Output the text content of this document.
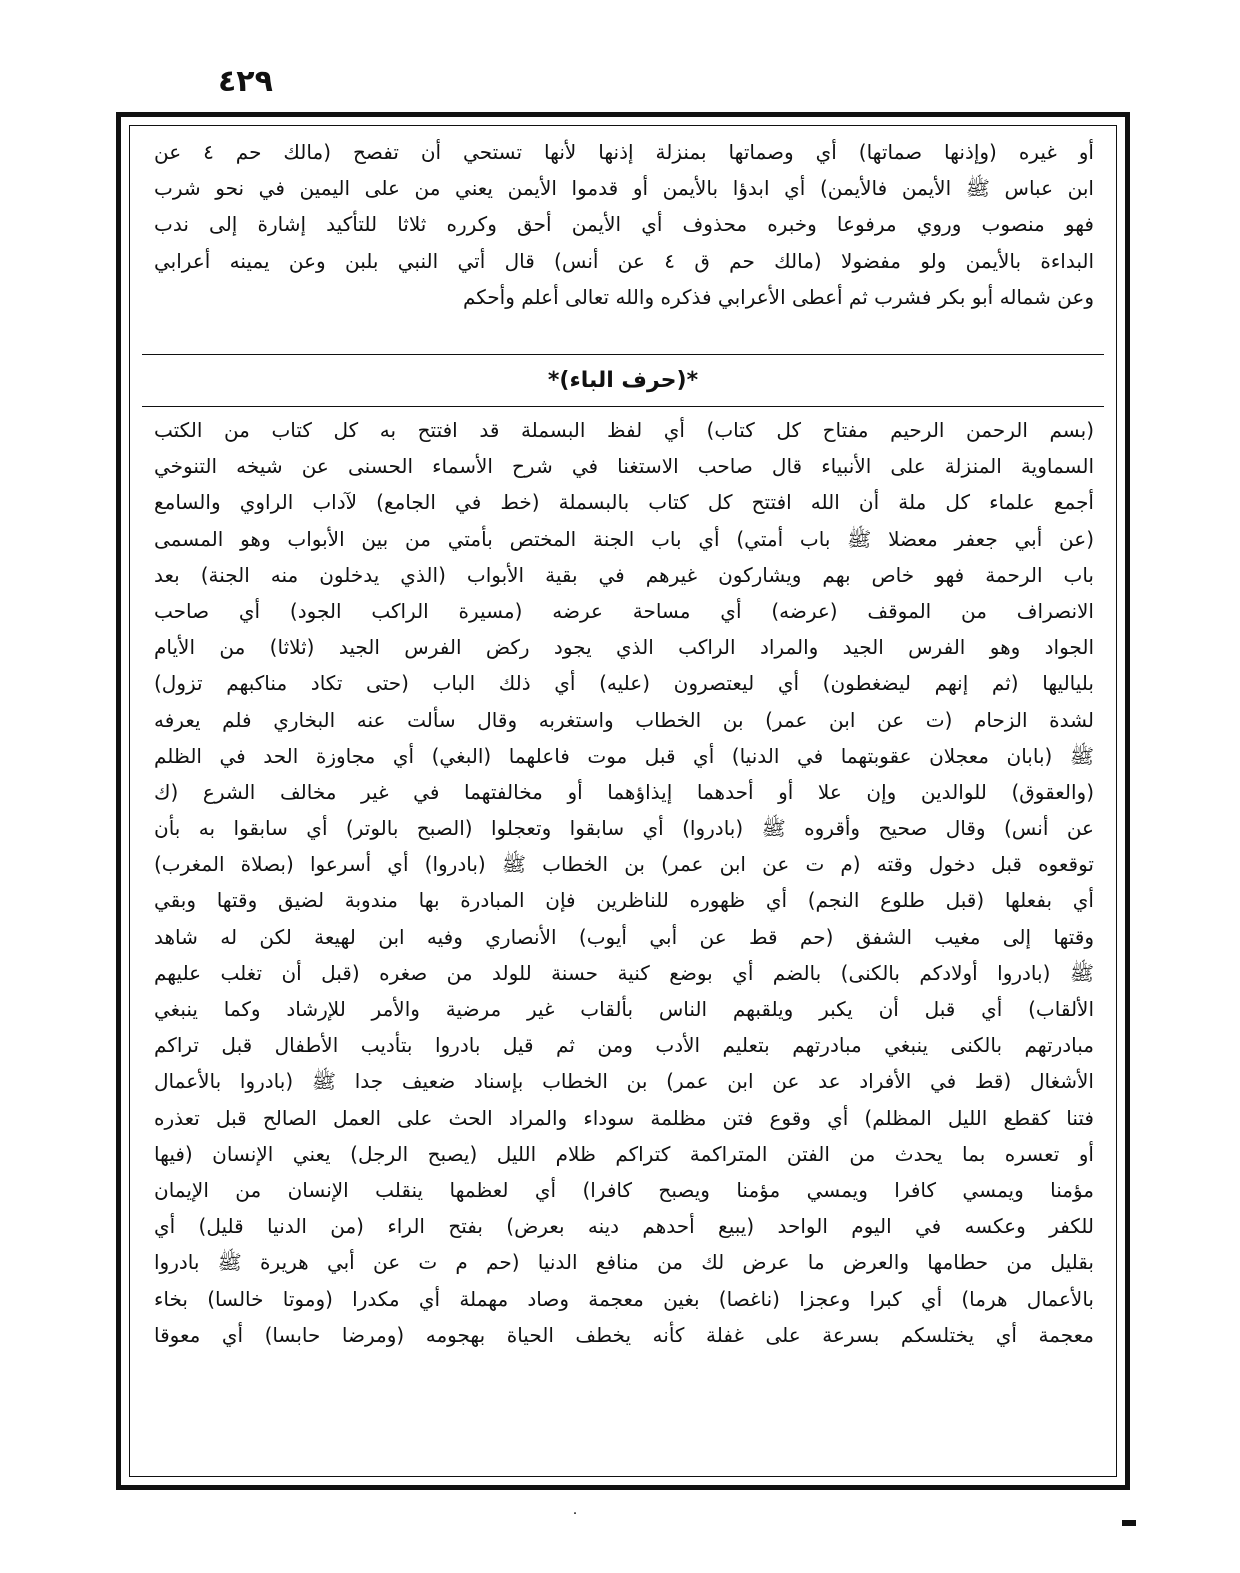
٤٢٩
أو غيره (وإذنها صماتها) أي وصماتها بمنزلة إذنها لأنها تستحي أن تفصح (مالك حم ٤ عن
ابن عباس ﷺ الأيمن فالأيمن) أي ابدؤا بالأيمن أو قدموا الأيمن يعني من على اليمين في نحو شرب
فهو منصوب وروي مرفوعا وخبره محذوف أي الأيمن أحق وكرره ثلاثا للتأكيد إشارة إلى ندب
البداءة بالأيمن ولو مفضولا (مالك حم ق ٤ عن أنس) قال أتي النبي بلبن وعن يمينه أعرابي
وعن شماله أبو بكر فشرب ثم أعطى الأعرابي فذكره والله تعالى أعلم وأحكم
*(حرف الباء)*
(بسم الرحمن الرحيم مفتاح كل كتاب) أي لفظ البسملة قد افتتح به كل كتاب من الكتب
السماوية المنزلة على الأنبياء قال صاحب الاستغنا في شرح الأسماء الحسنى عن شيخه التنوخي
أجمع علماء كل ملة أن الله افتتح كل كتاب بالبسملة (خط في الجامع) لآداب الراوي والسامع
(عن أبي جعفر معضلا ﷺ باب أمتي) أي باب الجنة المختص بأمتي من بين الأبواب وهو المسمى
باب الرحمة فهو خاص بهم ويشاركون غيرهم في بقية الأبواب (الذي يدخلون منه الجنة) بعد
الانصراف من الموقف (عرضه) أي مساحة عرضه (مسيرة الراكب الجود) أي صاحب
الجواد وهو الفرس الجيد والمراد الراكب الذي يجود ركض الفرس الجيد (ثلاثا) من الأيام
بلياليها (ثم إنهم ليضغطون) أي ليعتصرون (عليه) أي ذلك الباب (حتى تكاد مناكبهم تزول)
لشدة الزحام (ت عن ابن عمر) بن الخطاب واستغربه وقال سألت عنه البخاري فلم يعرفه
ﷺ (بابان معجلان عقوبتهما في الدنيا) أي قبل موت فاعلهما (البغي) أي مجاوزة الحد في الظلم
(والعقوق) للوالدين وإن علا أو أحدهما إيذاؤهما أو مخالفتهما في غير مخالف الشرع (ك
عن أنس) وقال صحيح وأقروه ﷺ (بادروا) أي سابقوا وتعجلوا (الصبح بالوتر) أي سابقوا به بأن
توقعوه قبل دخول وقته (م ت عن ابن عمر) بن الخطاب ﷺ (بادروا) أي أسرعوا (بصلاة المغرب)
أي بفعلها (قبل طلوع النجم) أي ظهوره للناظرين فإن المبادرة بها مندوبة لضيق وقتها وبقي
وقتها إلى مغيب الشفق (حم قط عن أبي أيوب) الأنصاري وفيه ابن لهيعة لكن له شاهد
ﷺ (بادروا أولادكم بالكنى) بالضم أي بوضع كنية حسنة للولد من صغره (قبل أن تغلب عليهم
الألقاب) أي قبل أن يكبر ويلقبهم الناس بألقاب غير مرضية والأمر للإرشاد وكما ينبغي
مبادرتهم بالكنى ينبغي مبادرتهم بتعليم الأدب ومن ثم قيل بادروا بتأديب الأطفال قبل تراكم
الأشغال (قط في الأفراد عد عن ابن عمر) بن الخطاب بإسناد ضعيف جدا ﷺ (بادروا بالأعمال
فتنا كقطع الليل المظلم) أي وقوع فتن مظلمة سوداء والمراد الحث على العمل الصالح قبل تعذره
أو تعسره بما يحدث من الفتن المتراكمة كتراكم ظلام الليل (يصبح الرجل) يعني الإنسان (فيها
مؤمنا ويمسي كافرا ويمسي مؤمنا ويصبح كافرا) أي لعظمها ينقلب الإنسان من الإيمان
للكفر وعكسه في اليوم الواحد (يبيع أحدهم دينه بعرض) بفتح الراء (من الدنيا قليل) أي
بقليل من حطامها والعرض ما عرض لك من منافع الدنيا (حم م ت عن أبي هريرة ﷺ بادروا
بالأعمال هرما) أي كبرا وعجزا (ناغصا) بغين معجمة وصاد مهملة أي مكدرا (وموتا خالسا) بخاء
معجمة أي يختلسكم بسرعة على غفلة كأنه يخطف الحياة بهجومه (ومرضا حابسا) أي معوقا
٠
